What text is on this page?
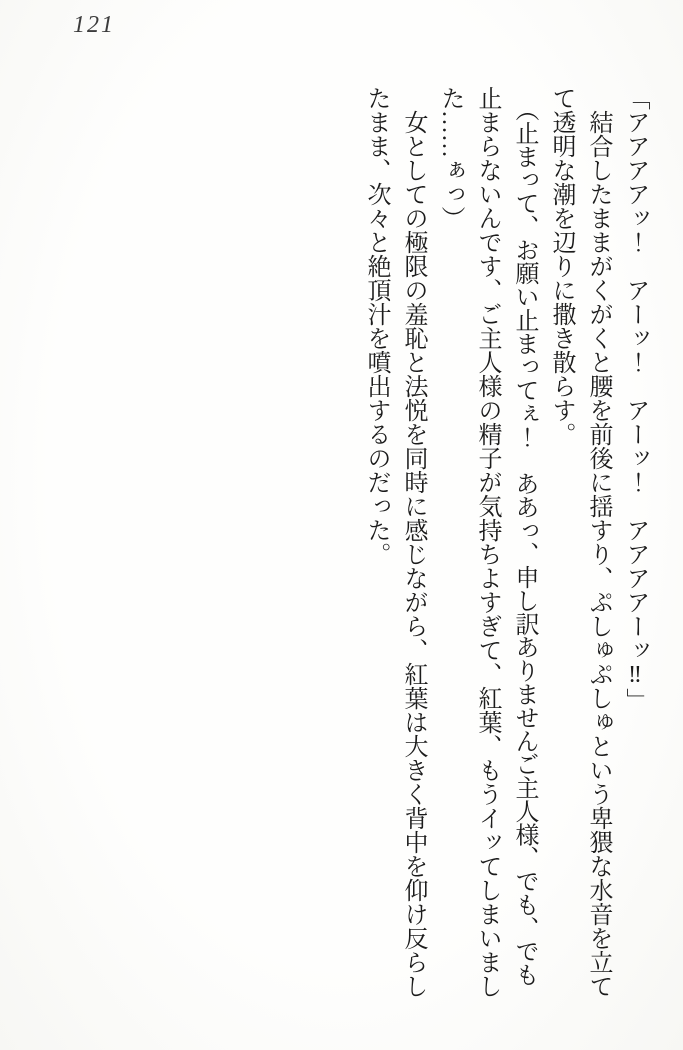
121
「アアアアッ！　アーッ！　アーッ！　アアアアーッ‼」
　結合したままがくがくと腰を前後に揺すり、ぷしゅぷしゅという卑猥な水音を立て
て透明な潮を辺りに撒き散らす。
　（止まって、お願い止まってぇ！　ああっ、申し訳ありませんご主人様、でも、でも
止まらないんです、ご主人様の精子が気持ちよすぎて、紅葉、もうイッてしまいまし
た……ぁっ）
　女としての極限の羞恥と法悦を同時に感じながら、紅葉は大きく背中を仰け反らし
たまま、次々と絶頂汁を噴出するのだった。
